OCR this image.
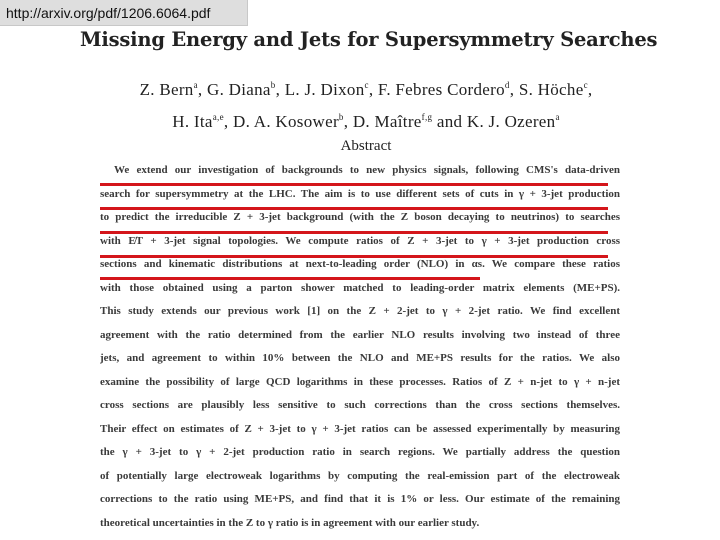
http://arxiv.org/pdf/1206.6064.pdf
Missing Energy and Jets for Supersymmetry Searches
Z. Bern$^a$, G. Diana$^b$, L. J. Dixon$^c$, F. Febres Cordero$^d$, S. Höche$^c$,
H. Ita$^{a,e}$, D. A. Kosower$^b$, D. Maître$^{f,g}$ and K. J. Ozeren$^a$
Abstract
We extend our investigation of backgrounds to new physics signals, following CMS's data-driven
search for supersymmetry at the LHC. The aim is to use different sets of cuts in γ + 3-jet production
to predict the irreducible Z + 3-jet background (with the Z boson decaying to neutrinos) to searches
with E̸T + 3-jet signal topologies. We compute ratios of Z + 3-jet to γ + 3-jet production cross
sections and kinematic distributions at next-to-leading order (NLO) in αs. We compare these ratios
with those obtained using a parton shower matched to leading-order matrix elements (ME+PS).
This study extends our previous work [1] on the Z + 2-jet to γ + 2-jet ratio. We find excellent
agreement with the ratio determined from the earlier NLO results involving two instead of three
jets, and agreement to within 10% between the NLO and ME+PS results for the ratios. We also
examine the possibility of large QCD logarithms in these processes. Ratios of Z + n-jet to γ + n-jet
cross sections are plausibly less sensitive to such corrections than the cross sections themselves.
Their effect on estimates of Z + 3-jet to γ + 3-jet ratios can be assessed experimentally by measuring
the γ + 3-jet to γ + 2-jet production ratio in search regions. We partially address the question
of potentially large electroweak logarithms by computing the real-emission part of the electroweak
corrections to the ratio using ME+PS, and find that it is 1% or less. Our estimate of the remaining
theoretical uncertainties in the Z to γ ratio is in agreement with our earlier study.
